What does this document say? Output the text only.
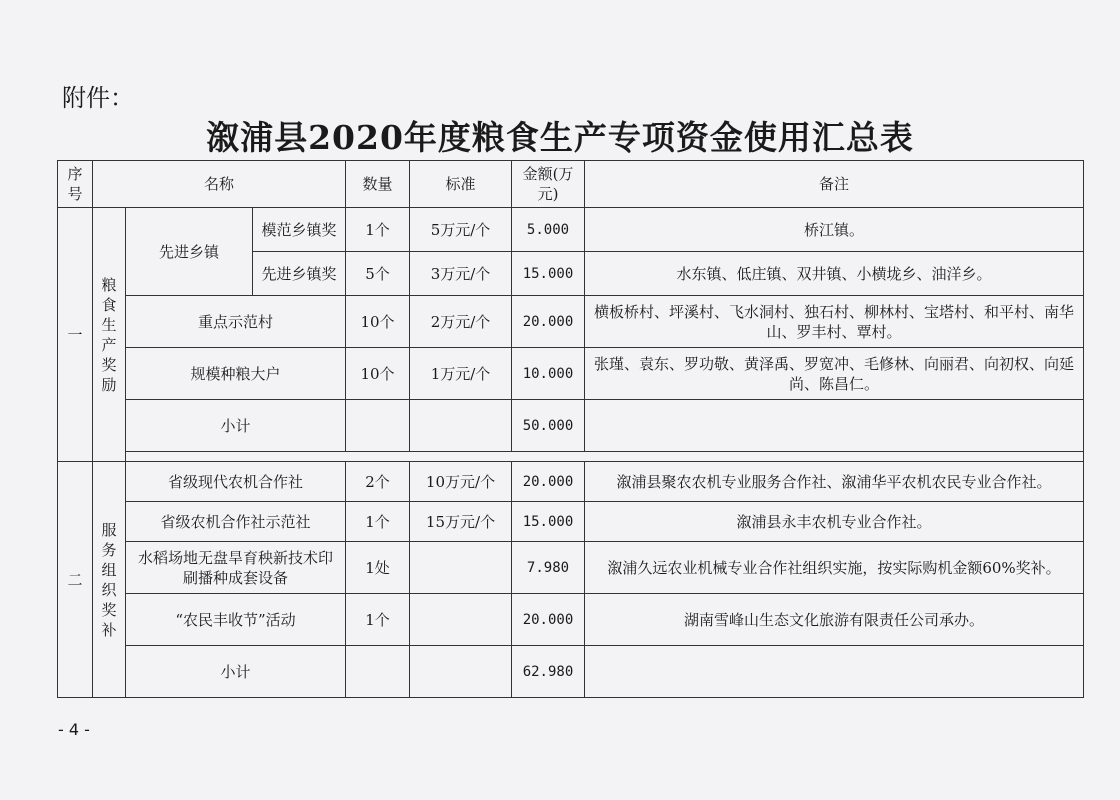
附件：
溆浦县2020年度粮食生产专项资金使用汇总表
序号	名称			数量	标准	金额(万元)	备注
一	粮食生产奖励	先进乡镇	模范乡镇奖	1个	5万元/个	5.000	桥江镇。
			先进乡镇奖	5个	3万元/个	15.000	水东镇、低庄镇、双井镇、小横垅乡、油洋乡。
		重点示范村		10个	2万元/个	20.000	横板桥村、坪溪村、飞水洞村、独石村、柳林村、宝塔村、和平村、南华山、罗丰村、覃村。
		规模种粮大户		10个	1万元/个	10.000	张瑾、袁东、罗功敬、黄泽禹、罗宽冲、毛修林、向丽君、向初权、向延尚、陈昌仁。
		小计				50.000	

二	服务组织奖补	省级现代农机合作社		2个	10万元/个	20.000	溆浦县聚农农机专业服务合作社、溆浦华平农机农民专业合作社。
		省级农机合作社示范社		1个	15万元/个	15.000	溆浦县永丰农机专业合作社。
		水稻场地无盘旱育秧新技术印刷播种成套设备		1处		7.980	溆浦久远农业机械专业合作社组织实施，按实际购机金额60%奖补。
		“农民丰收节”活动		1个		20.000	湖南雪峰山生态文化旅游有限责任公司承办。
		小计				62.980	
- 4 -
